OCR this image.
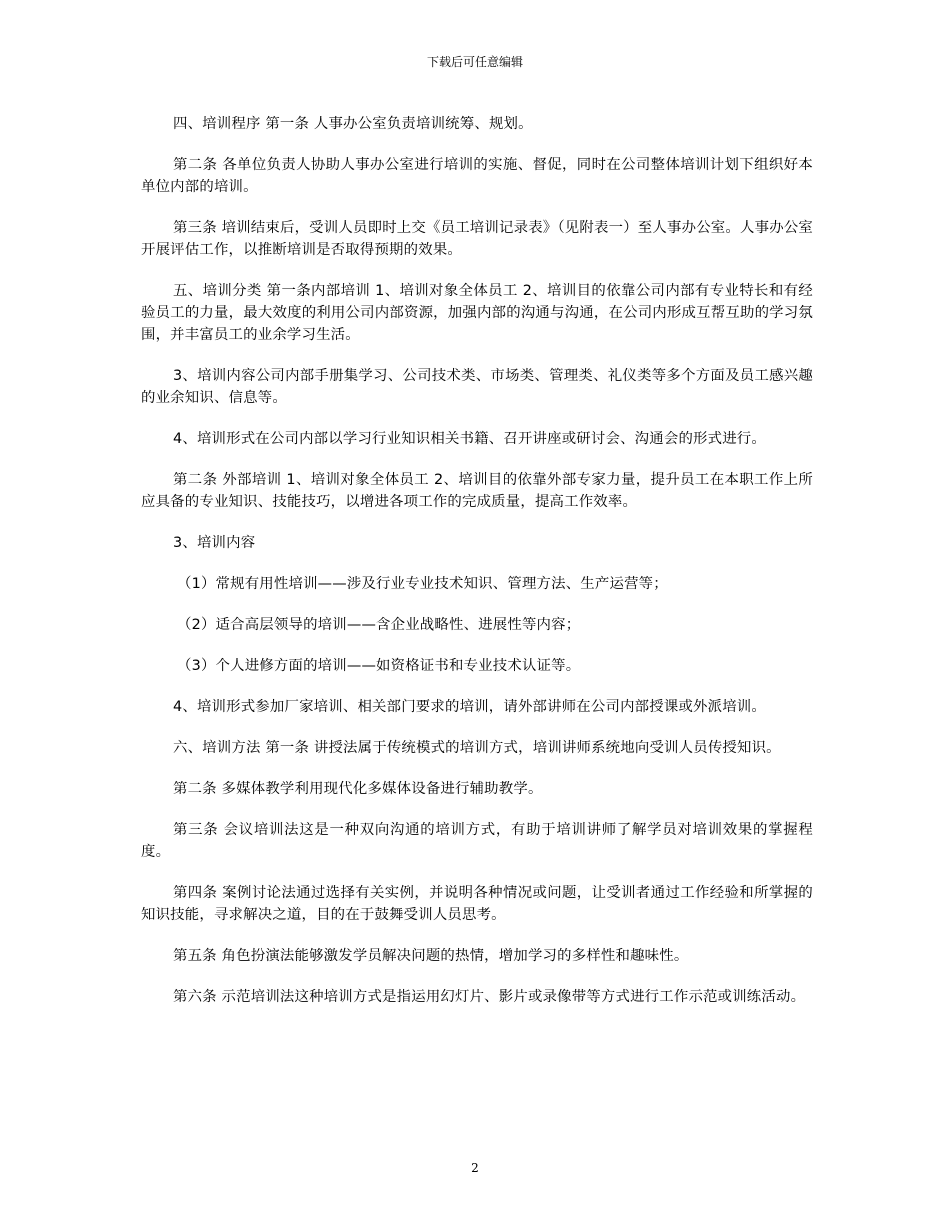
下载后可任意编辑

四、培训程序 第一条 人事办公室负责培训统筹、规划。

第二条 各单位负责人协助人事办公室进行培训的实施、督促，同时在公司整体培训计划下组织好本单位内部的培训。

第三条 培训结束后，受训人员即时上交《员工培训记录表》（见附表一）至人事办公室。人事办公室开展评估工作，以推断培训是否取得预期的效果。

五、培训分类 第一条内部培训 1、培训对象全体员工 2、培训目的依靠公司内部有专业特长和有经验员工的力量，最大效度的利用公司内部资源，加强内部的沟通与沟通，在公司内形成互帮互助的学习氛围，并丰富员工的业余学习生活。

3、培训内容公司内部手册集学习、公司技术类、市场类、管理类、礼仪类等多个方面及员工感兴趣的业余知识、信息等。

4、培训形式在公司内部以学习行业知识相关书籍、召开讲座或研讨会、沟通会的形式进行。

第二条 外部培训 1、培训对象全体员工 2、培训目的依靠外部专家力量，提升员工在本职工作上所应具备的专业知识、技能技巧，以增进各项工作的完成质量，提高工作效率。

3、培训内容

（1）常规有用性培训——涉及行业专业技术知识、管理方法、生产运营等；

（2）适合高层领导的培训——含企业战略性、进展性等内容；

（3）个人进修方面的培训——如资格证书和专业技术认证等。

4、培训形式参加厂家培训、相关部门要求的培训，请外部讲师在公司内部授课或外派培训。

六、培训方法 第一条 讲授法属于传统模式的培训方式，培训讲师系统地向受训人员传授知识。

第二条 多媒体教学利用现代化多媒体设备进行辅助教学。

第三条 会议培训法这是一种双向沟通的培训方式，有助于培训讲师了解学员对培训效果的掌握程度。

第四条 案例讨论法通过选择有关实例，并说明各种情况或问题，让受训者通过工作经验和所掌握的知识技能，寻求解决之道，目的在于鼓舞受训人员思考。

第五条 角色扮演法能够激发学员解决问题的热情，增加学习的多样性和趣味性。

第六条 示范培训法这种培训方式是指运用幻灯片、影片或录像带等方式进行工作示范或训练活动。

2
